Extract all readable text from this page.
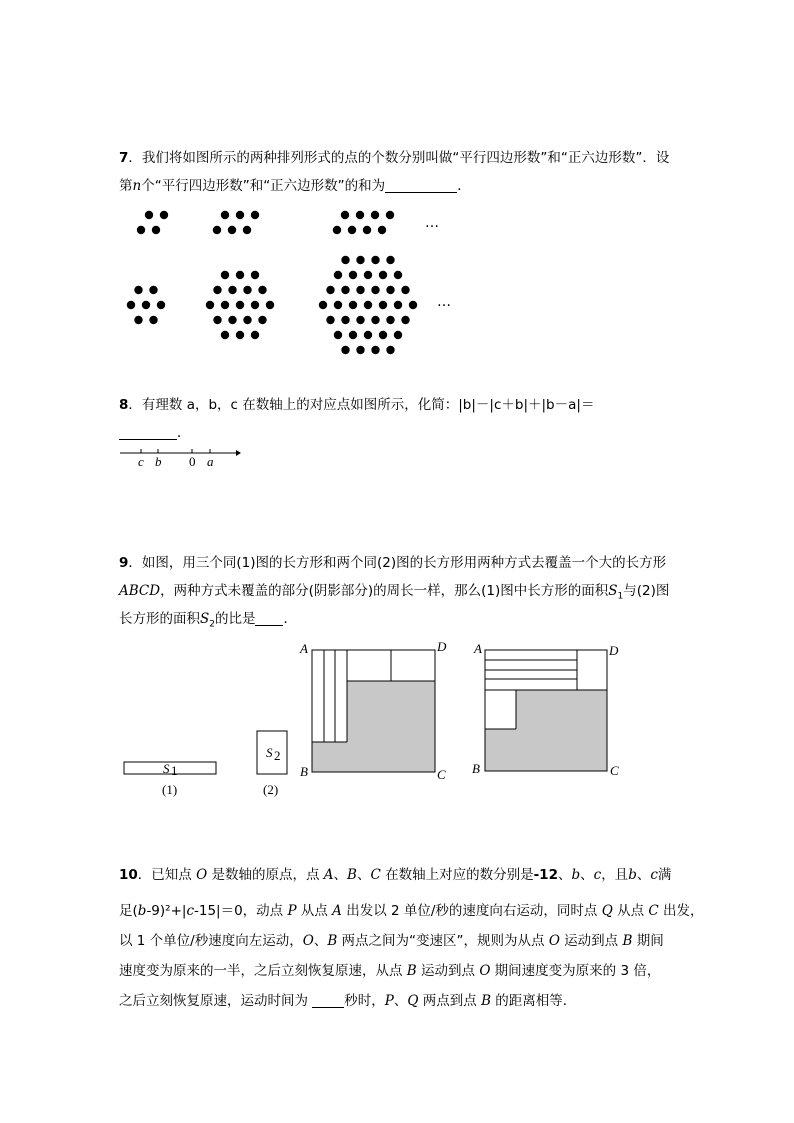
7．我们将如图所示的两种排列形式的点的个数分别叫做“平行四边形数”和“正六边形数”．设
第n个“平行四边形数”和“正六边形数”的和为	．
…
…
8．有理数 a，b，c 在数轴上的对应点如图所示，化简：|b|－|c＋b|＋|b－a|＝
．
c b 0 a
9．如图，用三个同(1)图的长方形和两个同(2)图的长方形用两种方式去覆盖一个大的长方形
ABCD，两种方式未覆盖的部分(阴影部分)的周长一样，那么(1)图中长方形的面积$S_1$与(2)图
长方形的面积$S_2$的比是 ．
S 1
(1)
S 2
(2)
A	D
B	C
A	D
B	C
10．已知点 O 是数轴的原点，点 A、B、C 在数轴上对应的数分别是-12、b、c，且b、c满
足(b-9)²+|c-15|＝0，动点 P 从点 A 出发以 2 单位/秒的速度向右运动，同时点 Q 从点 C 出发，
以 1 个单位/秒速度向左运动，O、B 两点之间为“变速区”，规则为从点 O 运动到点 B 期间
速度变为原来的一半，之后立刻恢复原速，从点 B 运动到点 O 期间速度变为原来的 3 倍，
之后立刻恢复原速，运动时间为 秒时，P、Q 两点到点 B 的距离相等．
